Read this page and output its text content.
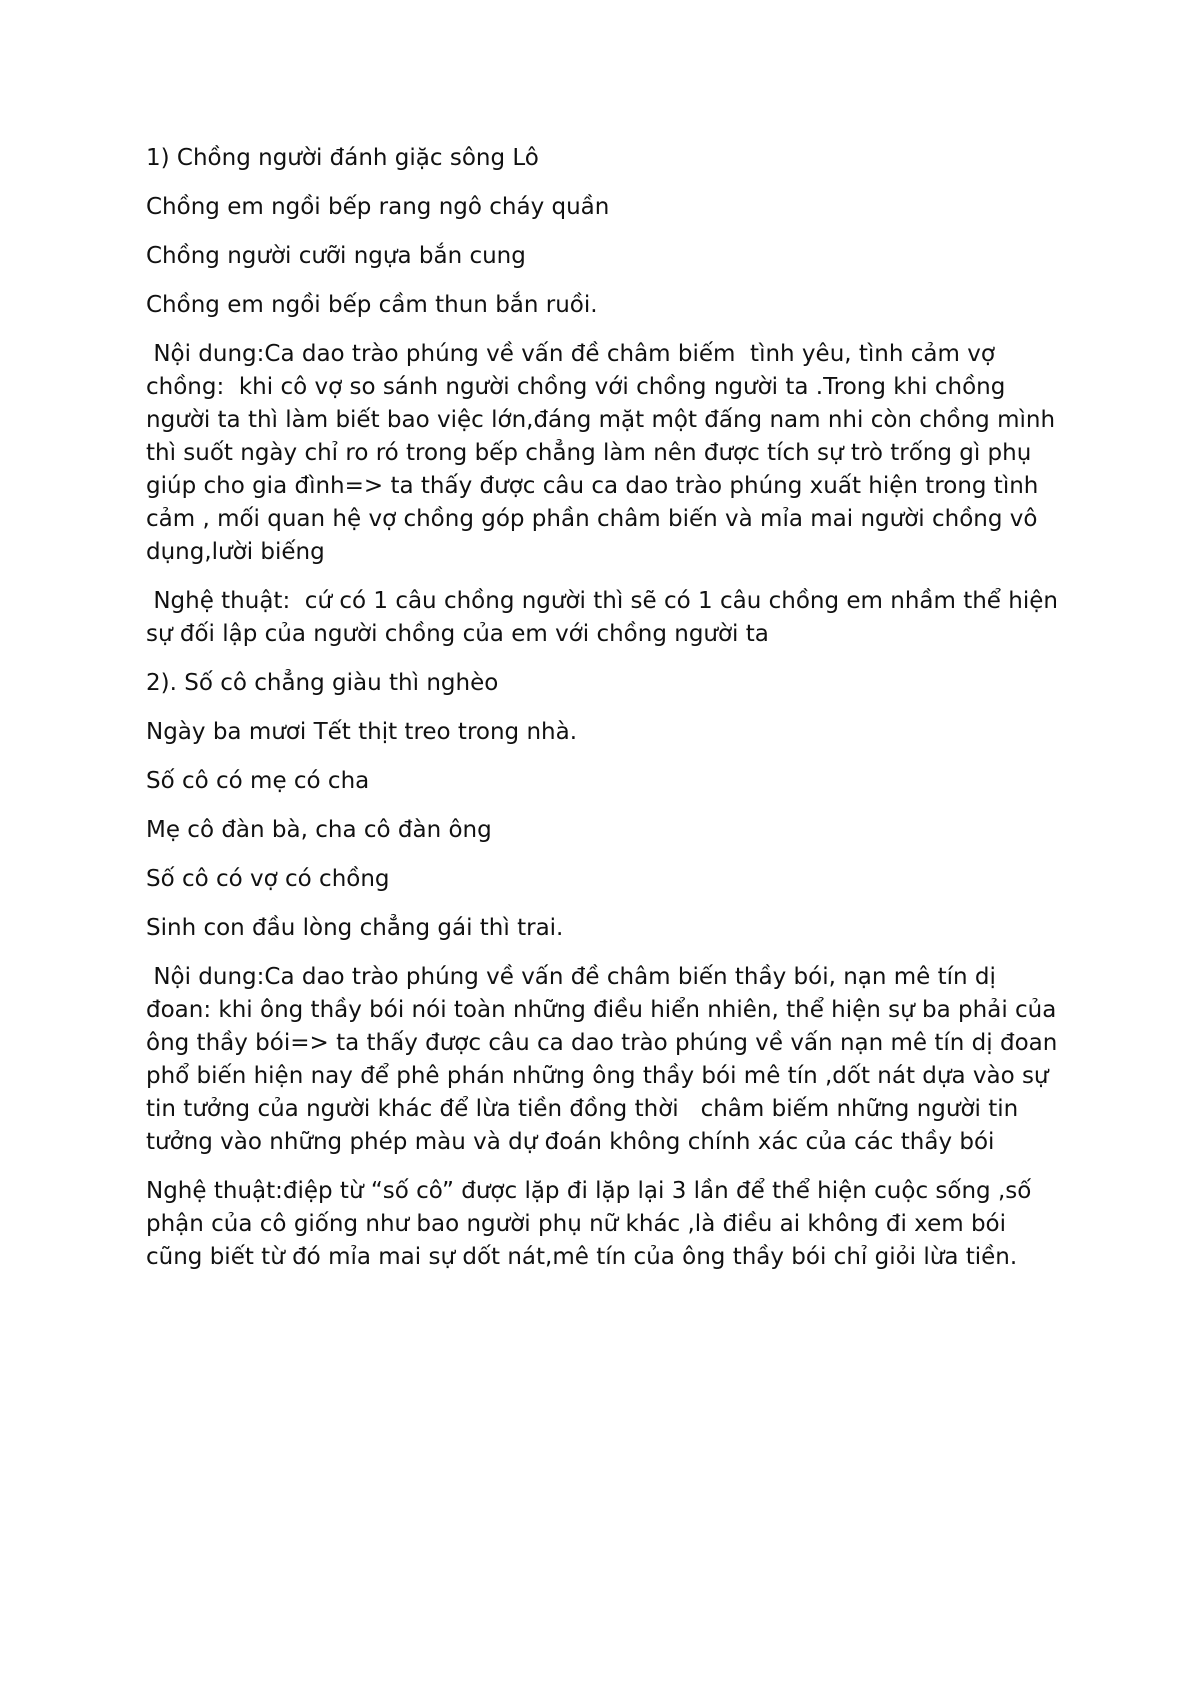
1) Chồng người đánh giặc sông Lô
Chồng em ngồi bếp rang ngô cháy quần
Chồng người cưỡi ngựa bắn cung
Chồng em ngồi bếp cầm thun bắn ruồi.
Nội dung:Ca dao trào phúng về vấn đề châm biếm  tình yêu, tình cảm vợ chồng:  khi cô vợ so sánh người chồng với chồng người ta .Trong khi chồng người ta thì làm biết bao việc lớn,đáng mặt một đấng nam nhi còn chồng mình thì suốt ngày chỉ ro ró trong bếp chẳng làm nên được tích sự trò trống gì phụ giúp cho gia đình=> ta thấy được câu ca dao trào phúng xuất hiện trong tình cảm , mối quan hệ vợ chồng góp phần châm biến và mỉa mai người chồng vô dụng,lười biếng
Nghệ thuật:  cứ có 1 câu chồng người thì sẽ có 1 câu chồng em nhầm thể hiện sự đối lập của người chồng của em với chồng người ta
2). Số cô chẳng giàu thì nghèo
Ngày ba mươi Tết thịt treo trong nhà.
Số cô có mẹ có cha
Mẹ cô đàn bà, cha cô đàn ông
Số cô có vợ có chồng
Sinh con đầu lòng chẳng gái thì trai.
Nội dung:Ca dao trào phúng về vấn đề châm biến thầy bói, nạn mê tín dị đoan: khi ông thầy bói nói toàn những điều hiển nhiên, thể hiện sự ba phải của ông thầy bói=> ta thấy được câu ca dao trào phúng về vấn nạn mê tín dị đoan phổ biến hiện nay để phê phán những ông thầy bói mê tín ,dốt nát dựa vào sự tin tưởng của người khác để lừa tiền đồng thời   châm biếm những người tin tưởng vào những phép màu và dự đoán không chính xác của các thầy bói
Nghệ thuật:điệp từ “số cô” được lặp đi lặp lại 3 lần để thể hiện cuộc sống ,số phận của cô giống như bao người phụ nữ khác ,là điều ai không đi xem bói cũng biết từ đó mỉa mai sự dốt nát,mê tín của ông thầy bói chỉ giỏi lừa tiền.
